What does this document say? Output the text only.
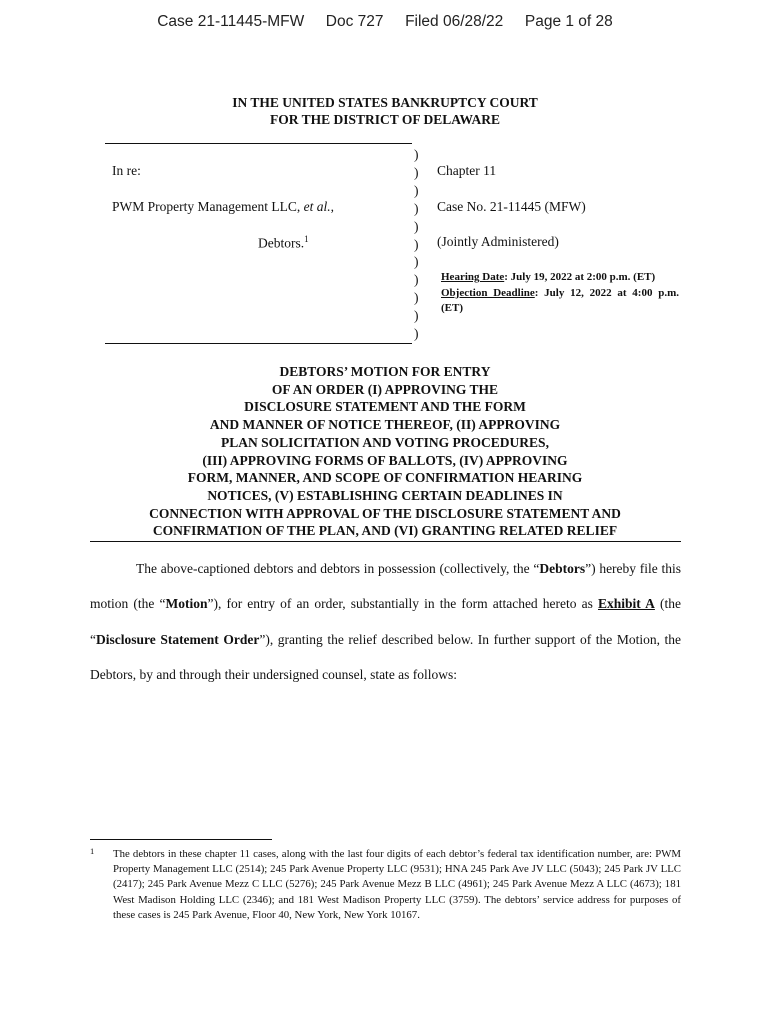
Case 21-11445-MFW Doc 727 Filed 06/28/22 Page 1 of 28
IN THE UNITED STATES BANKRUPTCY COURT
FOR THE DISTRICT OF DELAWARE
In re:
PWM Property Management LLC, et al.,
Debtors.$^1$
)
)
)
)
)
)
)
)
)
)
)
Chapter 11
Case No. 21-11445 (MFW)
(Jointly Administered)
Hearing Date: July 19, 2022 at 2:00 p.m. (ET)
Objection Deadline: July 12, 2022 at 4:00 p.m. (ET)
DEBTORS’ MOTION FOR ENTRY
OF AN ORDER (I) APPROVING THE
DISCLOSURE STATEMENT AND THE FORM
AND MANNER OF NOTICE THEREOF, (II) APPROVING
PLAN SOLICITATION AND VOTING PROCEDURES,
(III) APPROVING FORMS OF BALLOTS, (IV) APPROVING
FORM, MANNER, AND SCOPE OF CONFIRMATION HEARING
NOTICES, (V) ESTABLISHING CERTAIN DEADLINES IN
CONNECTION WITH APPROVAL OF THE DISCLOSURE STATEMENT AND
CONFIRMATION OF THE PLAN, AND (VI) GRANTING RELATED RELIEF
The above-captioned debtors and debtors in possession (collectively, the “Debtors”) hereby file this motion (the “Motion”), for entry of an order, substantially in the form attached hereto as Exhibit A (the “Disclosure Statement Order”), granting the relief described below. In further support of the Motion, the Debtors, by and through their undersigned counsel, state as follows:
1 The debtors in these chapter 11 cases, along with the last four digits of each debtor’s federal tax identification number, are: PWM Property Management LLC (2514); 245 Park Avenue Property LLC (9531); HNA 245 Park Ave JV LLC (5043); 245 Park JV LLC (2417); 245 Park Avenue Mezz C LLC (5276); 245 Park Avenue Mezz B LLC (4961); 245 Park Avenue Mezz A LLC (4673); 181 West Madison Holding LLC (2346); and 181 West Madison Property LLC (3759). The debtors’ service address for purposes of these cases is 245 Park Avenue, Floor 40, New York, New York 10167.
